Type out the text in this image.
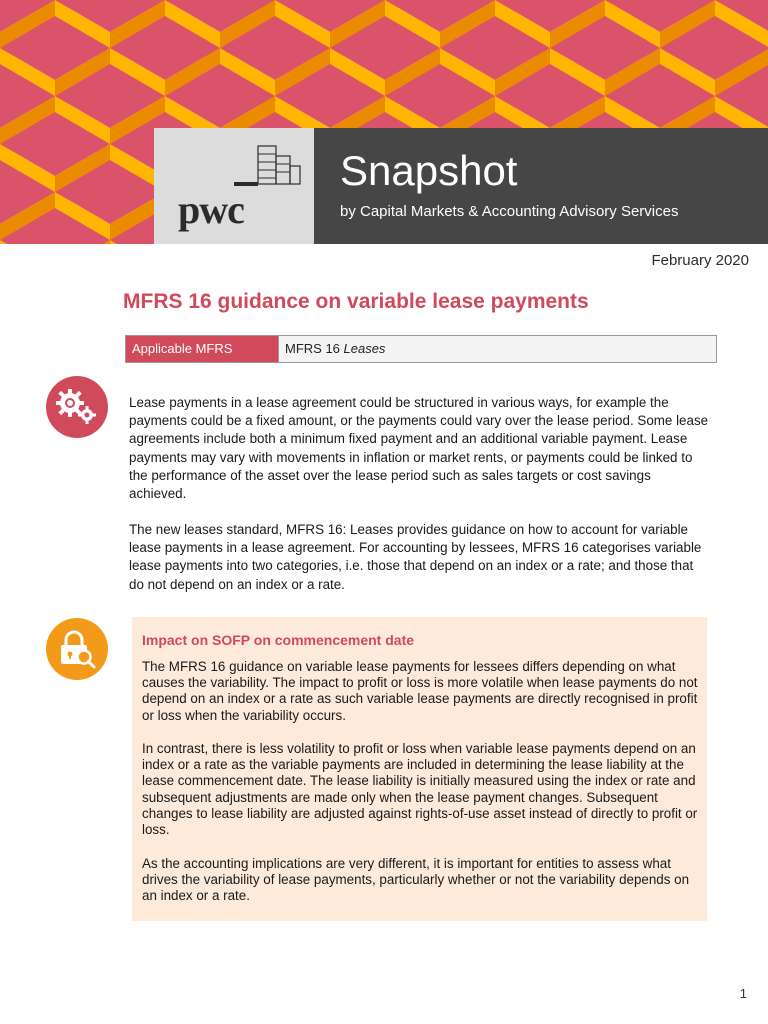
pwc
Snapshot
by Capital Markets & Accounting Advisory Services
February 2020
MFRS 16 guidance on variable lease payments
Applicable MFRS	MFRS 16 Leases

Lease payments in a lease agreement could be structured in various ways, for example the payments could be a fixed amount, or the payments could vary over the lease period. Some lease agreements include both a minimum fixed payment and an additional variable payment. Lease payments may vary with movements in inflation or market rents, or payments could be linked to the performance of the asset over the lease period such as sales targets or cost savings achieved.

The new leases standard, MFRS 16: Leases provides guidance on how to account for variable lease payments in a lease agreement. For accounting by lessees, MFRS 16 categorises variable lease payments into two categories, i.e. those that depend on an index or a rate; and those that do not depend on an index or a rate.

Impact on SOFP on commencement date

The MFRS 16 guidance on variable lease payments for lessees differs depending on what causes the variability. The impact to profit or loss is more volatile when lease payments do not depend on an index or a rate as such variable lease payments are directly recognised in profit or loss when the variability occurs.

In contrast, there is less volatility to profit or loss when variable lease payments depend on an index or a rate as the variable payments are included in determining the lease liability at the lease commencement date. The lease liability is initially measured using the index or rate and subsequent adjustments are made only when the lease payment changes. Subsequent changes to lease liability are adjusted against rights-of-use asset instead of directly to profit or loss.

As the accounting implications are very different, it is important for entities to assess what drives the variability of lease payments, particularly whether or not the variability depends on an index or a rate.

1
